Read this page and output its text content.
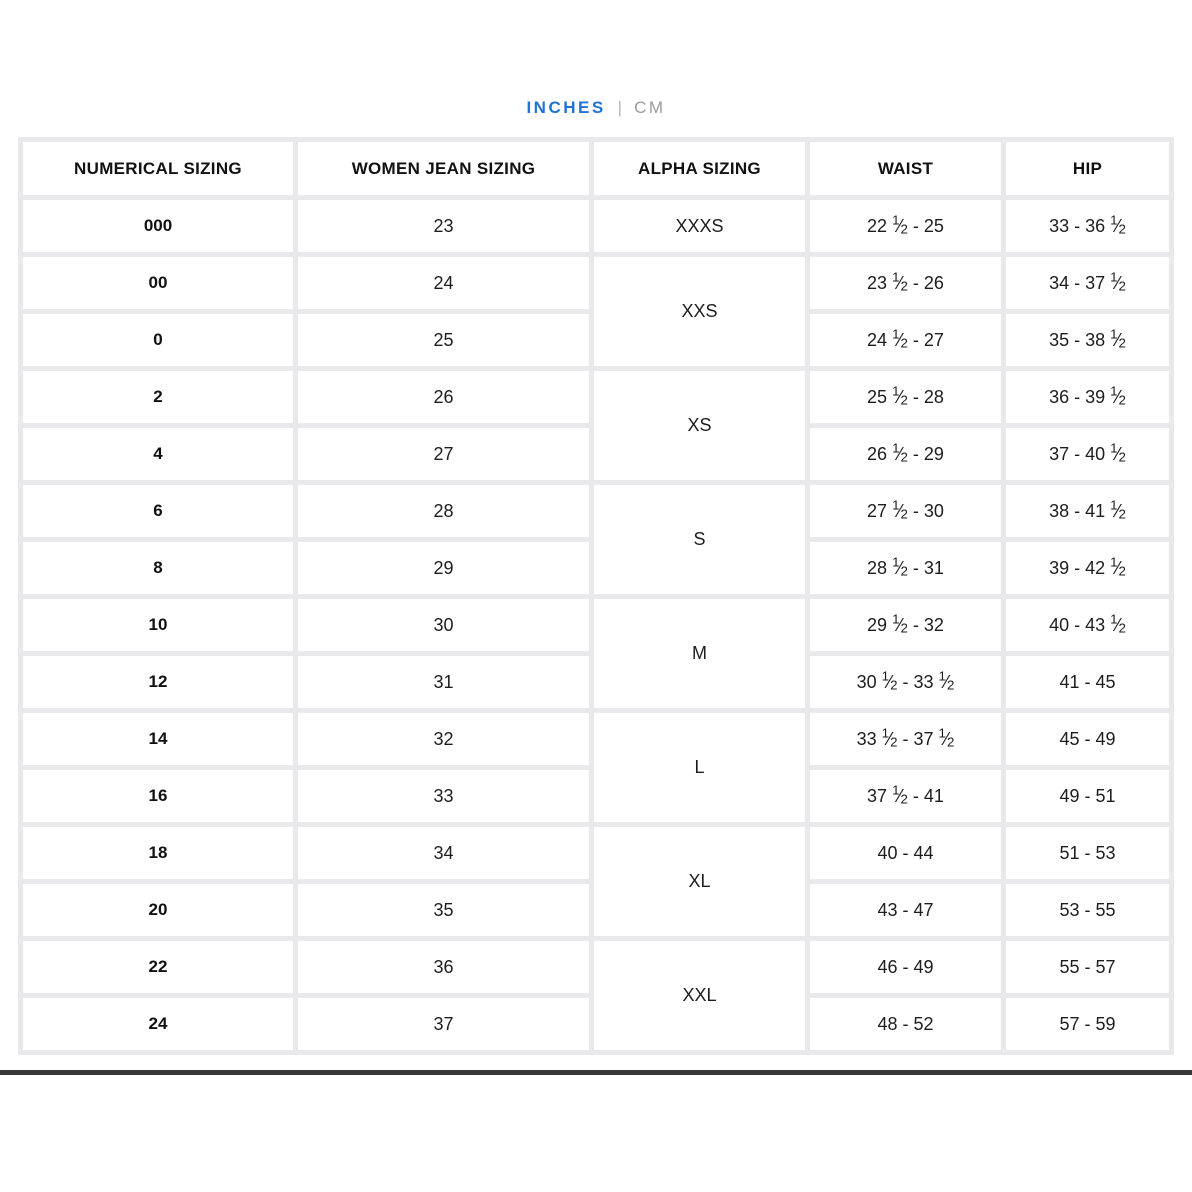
INCHES | CM
NUMERICAL SIZING	WOMEN JEAN SIZING	ALPHA SIZING	WAIST	HIP
000	23	XXXS	22 $^1⁄_2 - 25$	33 - 36 $^1⁄_2$
00	24	XXS	23 $^1⁄_2 - 26$	34 - 37 $^1⁄_2$
0	25		24 $^1⁄_2 - 27$	35 - 38 $^1⁄_2$
2	26	XS	25 $^1⁄_2 - 28$	36 - 39 $^1⁄_2$
4	27		26 $^1⁄_2 - 29$	37 - 40 $^1⁄_2$
6	28	S	27 $^1⁄_2 - 30$	38 - 41 $^1⁄_2$
8	29		28 $^1⁄_2 - 31$	39 - 42 $^1⁄_2$
10	30	M	29 $^1⁄_2 - 32$	40 - 43 $^1⁄_2$
12	31		30 $^1⁄_2 - 33$ $^1⁄_2$	41 - 45
14	32	L	33 $^1⁄_2 - 37$ $^1⁄_2$	45 - 49
16	33		37 $^1⁄_2 - 41$	49 - 51
18	34	XL	40 - 44	51 - 53
20	35		43 - 47	53 - 55
22	36	XXL	46 - 49	55 - 57
24	37		48 - 52	57 - 59
